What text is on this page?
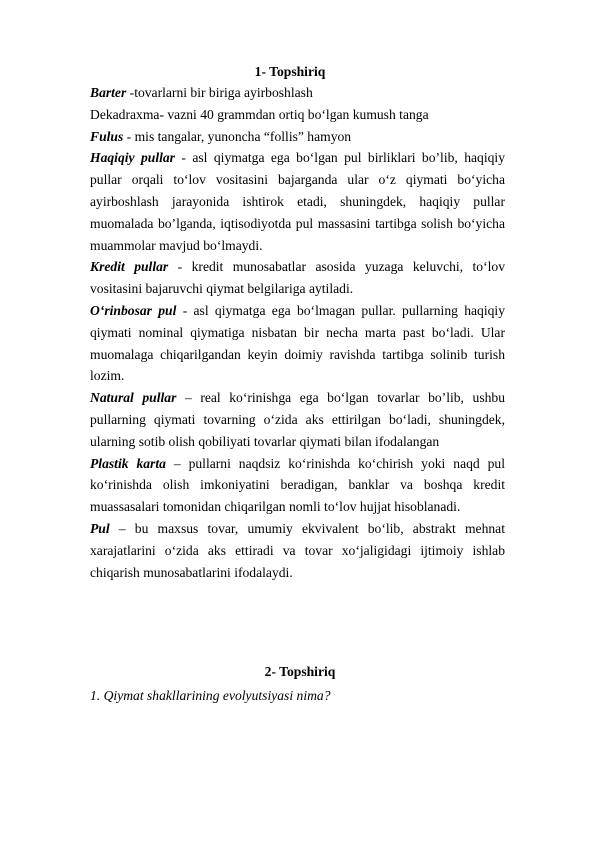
1- Topshiriq

Barter -tovarlarni bir biriga ayirboshlash

Dekadraxma- vazni 40 grammdan ortiq bo‘lgan kumush tanga

Fulus - mis tangalar, yunoncha “follis” hamyon

Haqiqiy pullar - asl qiymatga ega bo‘lgan pul birliklari bo’lib, haqiqiy pullar orqali to‘lov vositasini bajarganda ular o‘z qiymati bo‘yicha ayirboshlash jarayonida ishtirok etadi, shuningdek, haqiqiy pullar muomalada bo’lganda, iqtisodiyotda pul massasini tartibga solish bo‘yicha muammolar mavjud bo‘lmaydi.

Kredit pullar - kredit munosabatlar asosida yuzaga keluvchi, to‘lov vositasini bajaruvchi qiymat belgilariga aytiladi.

O‘rinbosar pul - asl qiymatga ega bo‘lmagan pullar. pullarning haqiqiy qiymati nominal qiymatiga nisbatan bir necha marta past bo‘ladi. Ular muomalaga chiqarilgandan keyin doimiy ravishda tartibga solinib turish lozim.

Natural pullar – real ko‘rinishga ega bo‘lgan tovarlar bo’lib, ushbu pullarning qiymati tovarning o‘zida aks ettirilgan bo‘ladi, shuningdek, ularning sotib olish qobiliyati tovarlar qiymati bilan ifodalangan

Plastik karta – pullarni naqdsiz ko‘rinishda ko‘chirish yoki naqd pul ko‘rinishda olish imkoniyatini beradigan, banklar va boshqa kredit muassasalari tomonidan chiqarilgan nomli to‘lov hujjat hisoblanadi.

Pul – bu maxsus tovar, umumiy ekvivalent bo‘lib, abstrakt mehnat xarajatlarini o‘zida aks ettiradi va tovar xo‘jaligidagi ijtimoiy ishlab chiqarish munosabatlarini ifodalaydi.

2- Topshiriq
1. Qiymat shakllarining evolyutsiyasi nima?
